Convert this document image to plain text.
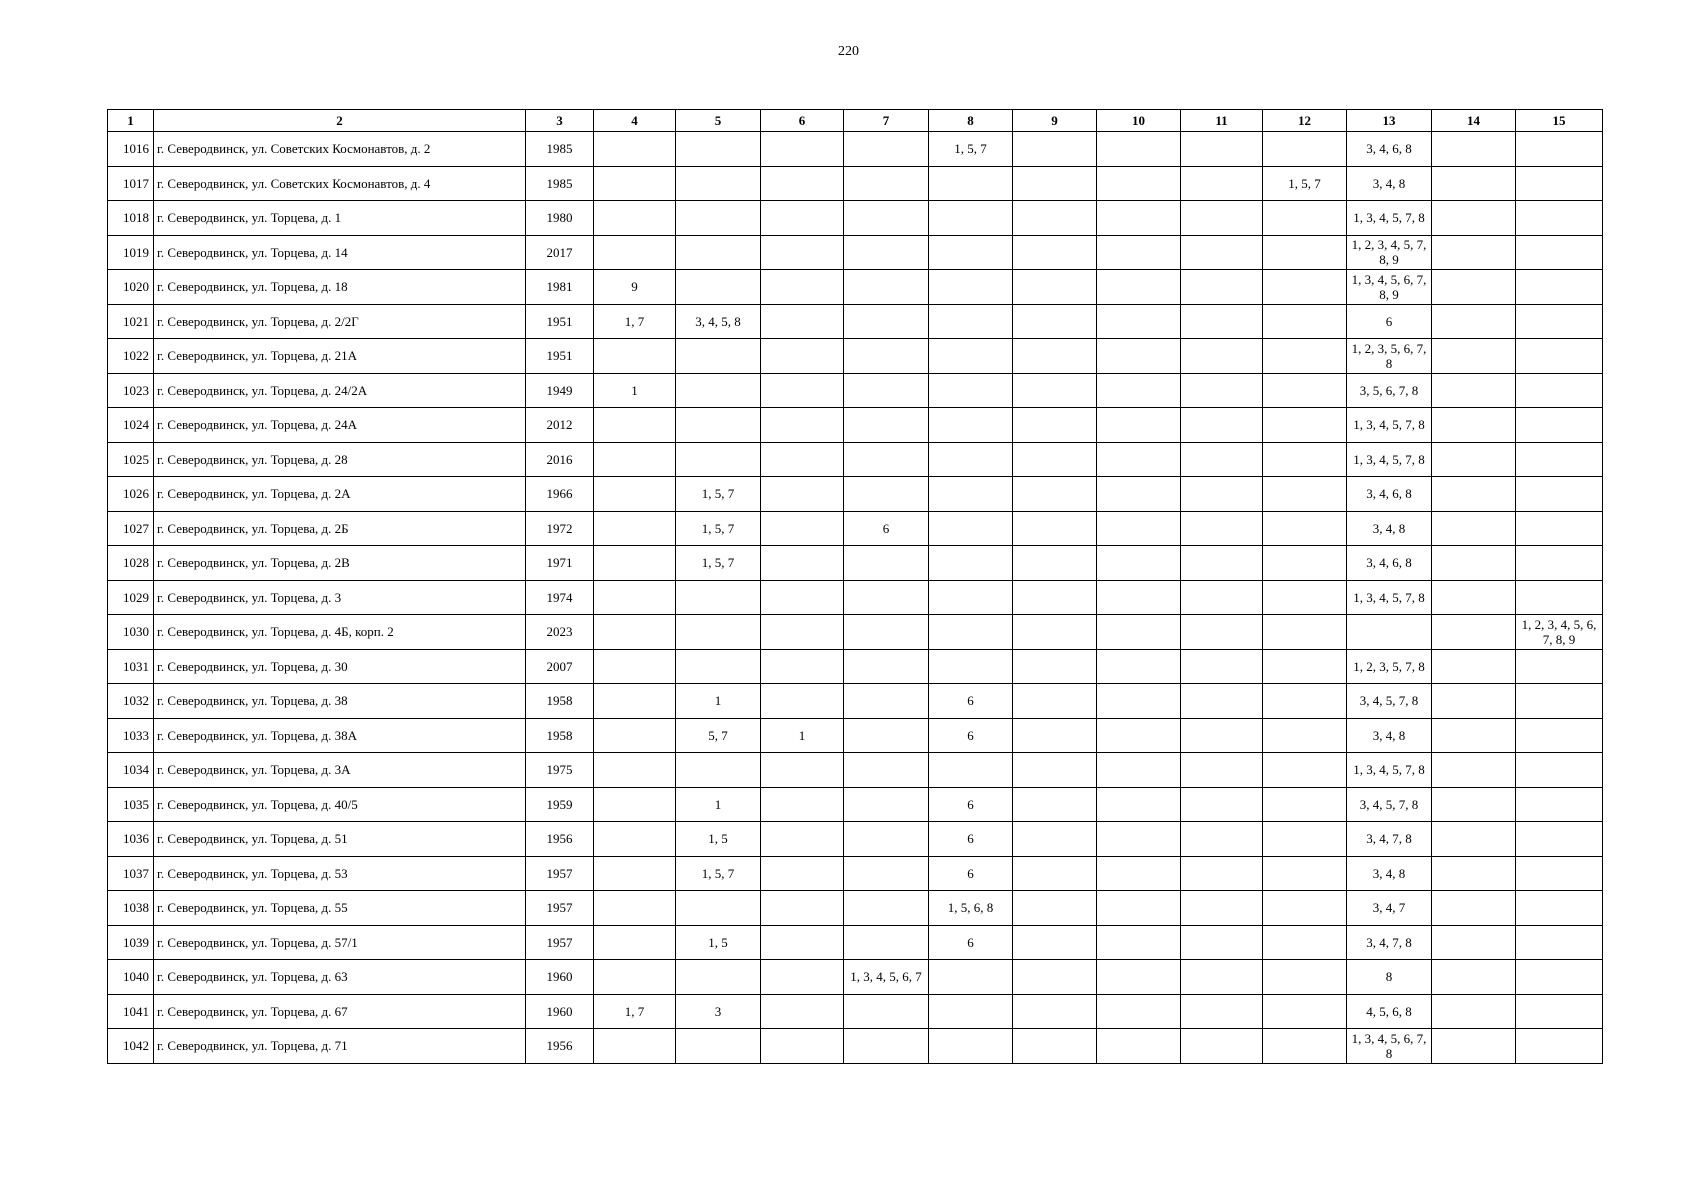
220
1	2	3	4	5	6	7	8	9	10	11	12	13	14	15
1016	г. Северодвинск, ул. Советских Космонавтов, д. 2	1985					1, 5, 7					3, 4, 6, 8		
1017	г. Северодвинск, ул. Советских Космонавтов, д. 4	1985									1, 5, 7	3, 4, 8		
1018	г. Северодвинск, ул. Торцева, д. 1	1980										1, 3, 4, 5, 7, 8		
1019	г. Северодвинск, ул. Торцева, д. 14	2017										1, 2, 3, 4, 5, 7, 8, 9		
1020	г. Северодвинск, ул. Торцева, д. 18	1981	9									1, 3, 4, 5, 6, 7, 8, 9		
1021	г. Северодвинск, ул. Торцева, д. 2/2Г	1951	1, 7	3, 4, 5, 8								6		
1022	г. Северодвинск, ул. Торцева, д. 21А	1951										1, 2, 3, 5, 6, 7, 8		
1023	г. Северодвинск, ул. Торцева, д. 24/2А	1949	1									3, 5, 6, 7, 8		
1024	г. Северодвинск, ул. Торцева, д. 24А	2012										1, 3, 4, 5, 7, 8		
1025	г. Северодвинск, ул. Торцева, д. 28	2016										1, 3, 4, 5, 7, 8		
1026	г. Северодвинск, ул. Торцева, д. 2А	1966		1, 5, 7								3, 4, 6, 8		
1027	г. Северодвинск, ул. Торцева, д. 2Б	1972		1, 5, 7		6						3, 4, 8		
1028	г. Северодвинск, ул. Торцева, д. 2В	1971		1, 5, 7								3, 4, 6, 8		
1029	г. Северодвинск, ул. Торцева, д. 3	1974										1, 3, 4, 5, 7, 8		
1030	г. Северодвинск, ул. Торцева, д. 4Б, корп. 2	2023												1, 2, 3, 4, 5, 6, 7, 8, 9
1031	г. Северодвинск, ул. Торцева, д. 30	2007										1, 2, 3, 5, 7, 8		
1032	г. Северодвинск, ул. Торцева, д. 38	1958		1			6					3, 4, 5, 7, 8		
1033	г. Северодвинск, ул. Торцева, д. 38А	1958		5, 7	1		6					3, 4, 8		
1034	г. Северодвинск, ул. Торцева, д. 3А	1975										1, 3, 4, 5, 7, 8		
1035	г. Северодвинск, ул. Торцева, д. 40/5	1959		1			6					3, 4, 5, 7, 8		
1036	г. Северодвинск, ул. Торцева, д. 51	1956		1, 5			6					3, 4, 7, 8		
1037	г. Северодвинск, ул. Торцева, д. 53	1957		1, 5, 7			6					3, 4, 8		
1038	г. Северодвинск, ул. Торцева, д. 55	1957					1, 5, 6, 8					3, 4, 7		
1039	г. Северодвинск, ул. Торцева, д. 57/1	1957		1, 5			6					3, 4, 7, 8		
1040	г. Северодвинск, ул. Торцева, д. 63	1960				1, 3, 4, 5, 6, 7						8		
1041	г. Северодвинск, ул. Торцева, д. 67	1960	1, 7	3								4, 5, 6, 8		
1042	г. Северодвинск, ул. Торцева, д. 71	1956										1, 3, 4, 5, 6, 7, 8		
